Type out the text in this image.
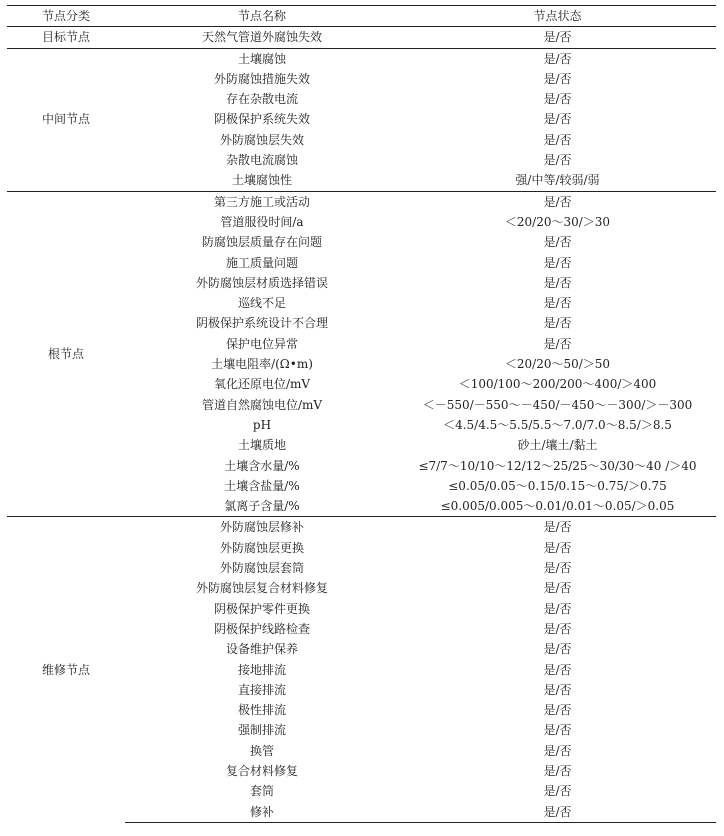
节点分类	节点名称	节点状态
目标节点	天然气管道外腐蚀失效	是/否
中间节点	土壤腐蚀	是/否
	外防腐蚀措施失效	是/否
	存在杂散电流	是/否
	阴极保护系统失效	是/否
	外防腐蚀层失效	是/否
	杂散电流腐蚀	是/否
	土壤腐蚀性	强/中等/较弱/弱
根节点	第三方施工或活动	是/否
	管道服役时间/a	＜20/20～30/＞30
	防腐蚀层质量存在问题	是/否
	施工质量问题	是/否
	外防腐蚀层材质选择错误	是/否
	巡线不足	是/否
	阴极保护系统设计不合理	是/否
	保护电位异常	是/否
	土壤电阻率/(Ω•m)	＜20/20～50/＞50
	氧化还原电位/mV	＜100/100～200/200～400/＞400
	管道自然腐蚀电位/mV	＜－550/－550～－450/－450～－300/＞－300
	pH	＜4.5/4.5～5.5/5.5～7.0/7.0～8.5/＞8.5
	土壤质地	砂土/壤土/黏土
	土壤含水量/%	≤7/7～10/10～12/12～25/25～30/30～40 /＞40
	土壤含盐量/%	≤0.05/0.05～0.15/0.15～0.75/＞0.75
	氯离子含量/%	≤0.005/0.005～0.01/0.01～0.05/＞0.05
维修节点	外防腐蚀层修补	是/否
	外防腐蚀层更换	是/否
	外防腐蚀层套筒	是/否
	外防腐蚀层复合材料修复	是/否
	阴极保护零件更换	是/否
	阴极保护线路检查	是/否
	设备维护保养	是/否
	接地排流	是/否
	直接排流	是/否
	极性排流	是/否
	强制排流	是/否
	换管	是/否
	复合材料修复	是/否
	套筒	是/否
	修补	是/否
